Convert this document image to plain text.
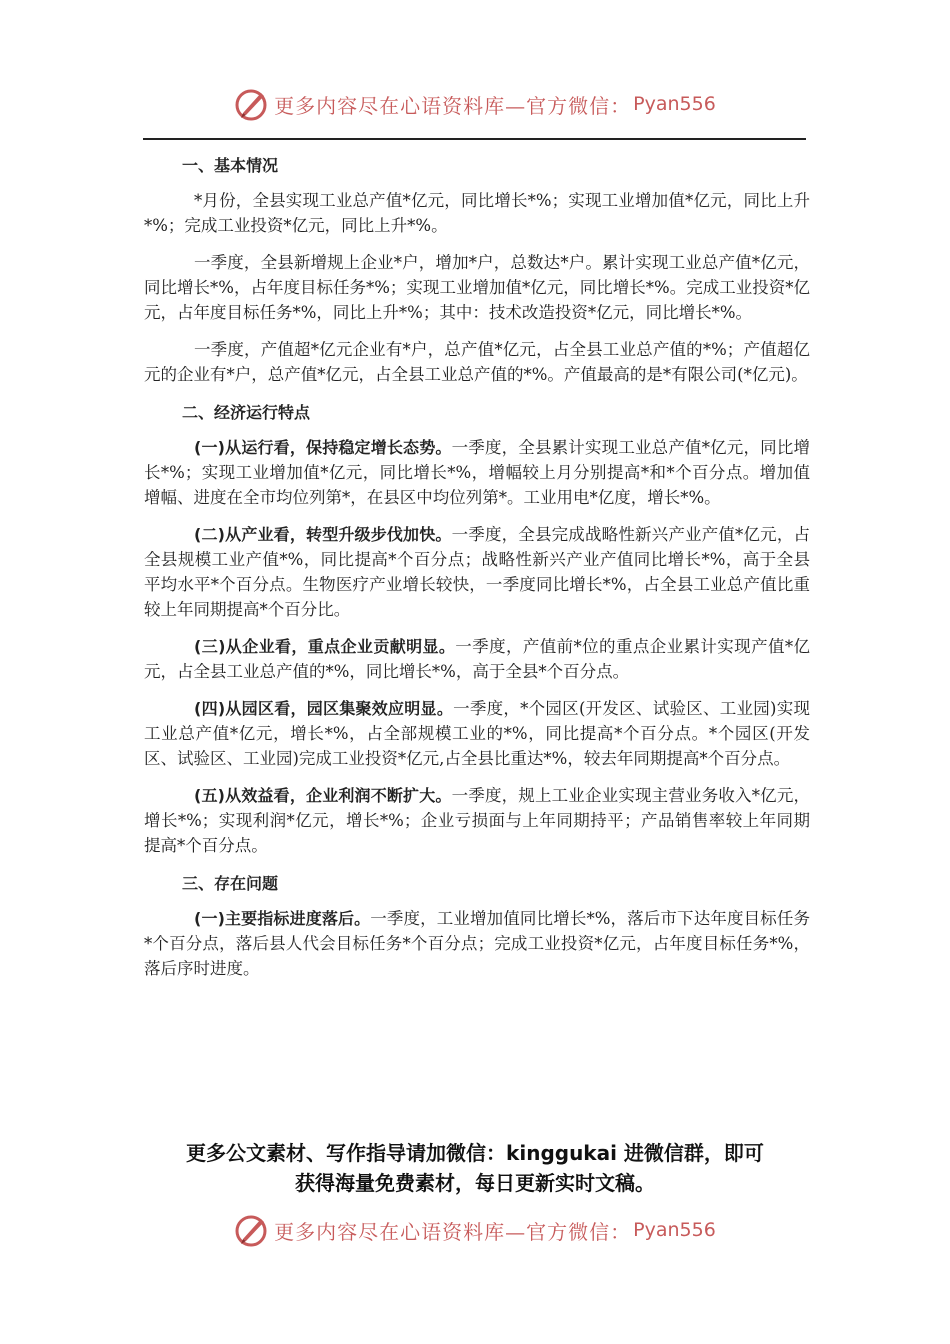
更多内容尽在心语资料库—官方微信： Pyan556
一、基本情况

*月份，全县实现工业总产值*亿元，同比增长*%；实现工业增加值*亿元，同比上升*%；完成工业投资*亿元，同比上升*%。

一季度，全县新增规上企业*户，增加*户，总数达*户。累计实现工业总产值*亿元，同比增长*%，占年度目标任务*%；实现工业增加值*亿元，同比增长*%。完成工业投资*亿元，占年度目标任务*%，同比上升*%；其中：技术改造投资*亿元，同比增长*%。

一季度，产值超*亿元企业有*户，总产值*亿元，占全县工业总产值的*%；产值超亿元的企业有*户，总产值*亿元，占全县工业总产值的*%。产值最高的是*有限公司(*亿元)。

二、经济运行特点

(一)从运行看，保持稳定增长态势。一季度，全县累计实现工业总产值*亿元，同比增长*%；实现工业增加值*亿元，同比增长*%，增幅较上月分别提高*和*个百分点。增加值增幅、进度在全市均位列第*，在县区中均位列第*。工业用电*亿度，增长*%。

(二)从产业看，转型升级步伐加快。一季度，全县完成战略性新兴产业产值*亿元，占全县规模工业产值*%，同比提高*个百分点；战略性新兴产业产值同比增长*%，高于全县平均水平*个百分点。生物医疗产业增长较快，一季度同比增长*%，占全县工业总产值比重较上年同期提高*个百分比。

(三)从企业看，重点企业贡献明显。一季度，产值前*位的重点企业累计实现产值*亿元，占全县工业总产值的*%，同比增长*%，高于全县*个百分点。

(四)从园区看，园区集聚效应明显。一季度，*个园区(开发区、试验区、工业园)实现工业总产值*亿元，增长*%，占全部规模工业的*%，同比提高*个百分点。*个园区(开发区、试验区、工业园)完成工业投资*亿元,占全县比重达*%，较去年同期提高*个百分点。

(五)从效益看，企业利润不断扩大。一季度，规上工业企业实现主营业务收入*亿元，增长*%；实现利润*亿元，增长*%；企业亏损面与上年同期持平；产品销售率较上年同期提高*个百分点。

三、存在问题

(一)主要指标进度落后。一季度，工业增加值同比增长*%，落后市下达年度目标任务*个百分点，落后县人代会目标任务*个百分点；完成工业投资*亿元，占年度目标任务*%，落后序时进度。

更多公文素材、写作指导请加微信：kinggukai 进微信群，即可
获得海量免费素材，每日更新实时文稿。
更多内容尽在心语资料库—官方微信： Pyan556
